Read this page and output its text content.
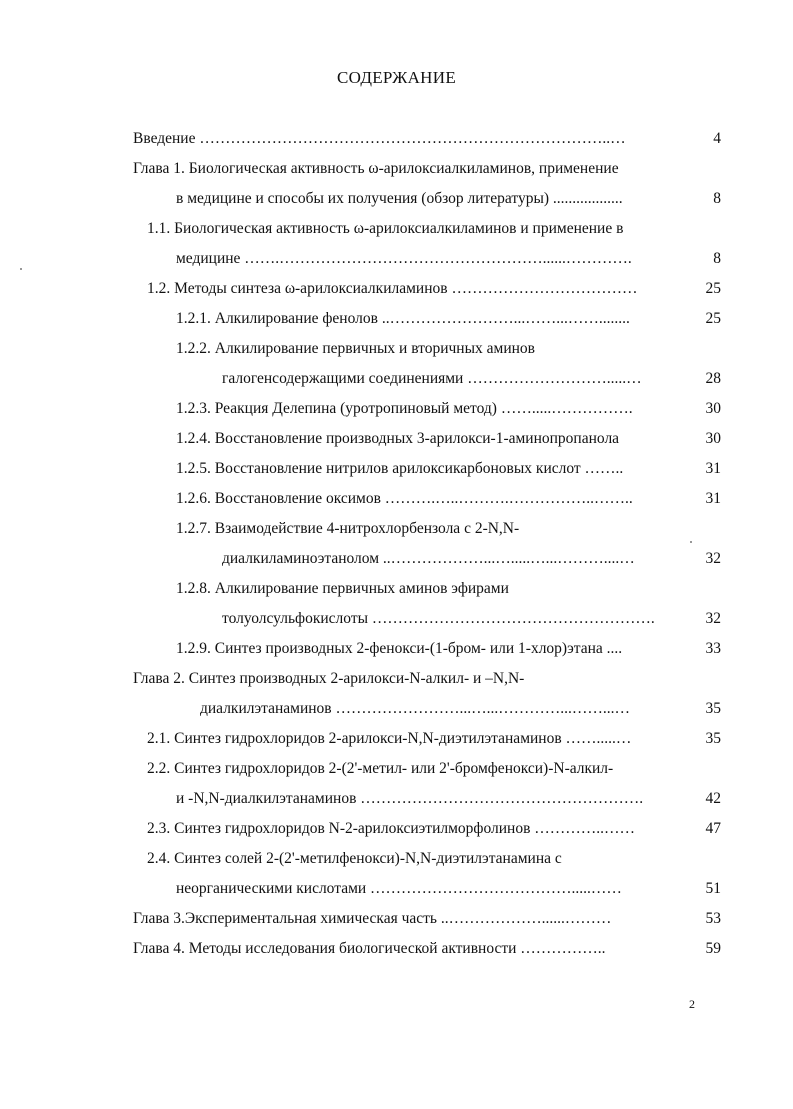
СОДЕРЖАНИЕ
Введение ……………………………………………………………………..…	4
Глава 1. Биологическая активность ω-арилоксиалкиламинов, применение
в медицине и способы их получения (обзор литературы) ..................	8
1.1. Биологическая активность ω-арилоксиалкиламинов и применение в
медицине …….……………………………………………......………….	8
1.2. Методы синтеза ω-арилоксиалкиламинов ………………………………	25
1.2.1. Алкилирование фенолов ..……………………...……...……........	25
1.2.2. Алкилирование первичных и вторичных аминов
галогенсодержащими соединениями ……………………….....…	28
1.2.3. Реакция Делепина (уротропиновый метод) …….....…………….	30
1.2.4. Восстановление производных 3-арилокси-1-аминопропанола	30
1.2.5. Восстановление нитрилов арилоксикарбоновых кислот ……..	31
1.2.6. Восстановление оксимов ……….…..……….……………..……..	31
1.2.7. Взаимодействие 4-нитрохлорбензола с 2-N,N-
диалкиламиноэтанолом ..………………...….....…...………....…	32
1.2.8. Алкилирование первичных аминов эфирами
толуолсульфокислоты ……………………………………………….	32
1.2.9. Синтез производных 2-фенокси-(1-бром- или 1-хлор)этана ....	33
Глава 2. Синтез производных 2-арилокси-N-алкил- и –N,N-
диалкилэтанаминов ……………………...…...…………...……...…	35
2.1. Синтез гидрохлоридов 2-арилокси-N,N-диэтилэтанаминов …….....…	35
2.2. Синтез гидрохлоридов 2-(2'-метил- или 2'-бромфенокси)-N-алкил-
и -N,N-диалкилэтанаминов ……………………………………………….	42
2.3. Синтез гидрохлоридов N-2-арилоксиэтилморфолинов …………..……	47
2.4. Синтез солей 2-(2'-метилфенокси)-N,N-диэтилэтанамина с
неорганическими кислотами ………………………………….....……	51
Глава 3.Экспериментальная химическая часть ..………………......………	53
Глава 4. Методы исследования биологической активности ……………..	59
2
